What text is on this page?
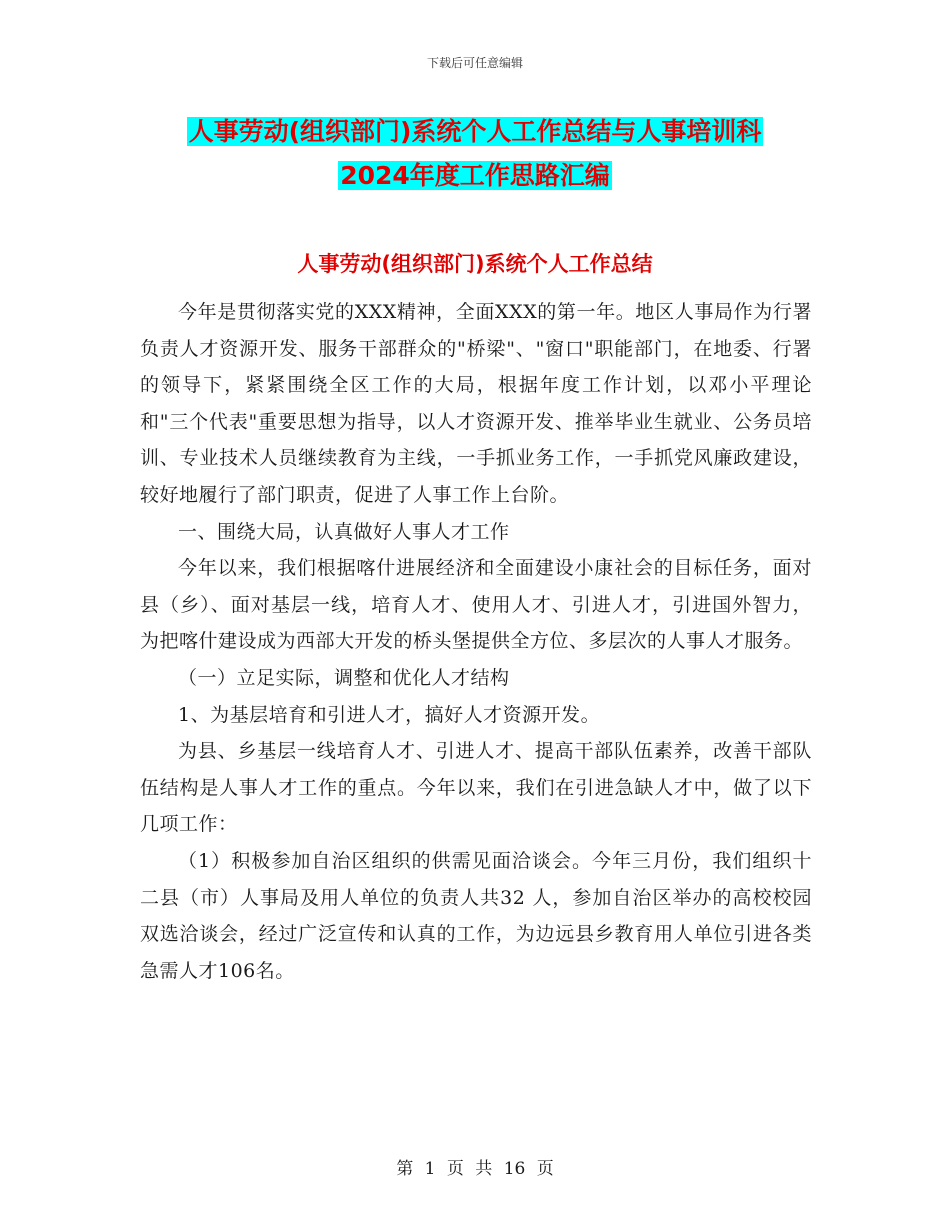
下载后可任意编辑
人事劳动(组织部门)系统个人工作总结与人事培训科
2024年度工作思路汇编
人事劳动(组织部门)系统个人工作总结

今年是贯彻落实党的XXX精神，全面XXX的第一年。地区人事局作为行署负责人才资源开发、服务干部群众的"桥梁"、"窗口"职能部门，在地委、行署的领导下，紧紧围绕全区工作的大局，根据年度工作计划，以邓小平理论和"三个代表"重要思想为指导，以人才资源开发、推举毕业生就业、公务员培训、专业技术人员继续教育为主线，一手抓业务工作，一手抓党风廉政建设，较好地履行了部门职责，促进了人事工作上台阶。

一、围绕大局，认真做好人事人才工作

今年以来，我们根据喀什进展经济和全面建设小康社会的目标任务，面对县（乡）、面对基层一线，培育人才、使用人才、引进人才，引进国外智力，为把喀什建设成为西部大开发的桥头堡提供全方位、多层次的人事人才服务。

（一）立足实际，调整和优化人才结构

1、为基层培育和引进人才，搞好人才资源开发。

为县、乡基层一线培育人才、引进人才、提高干部队伍素养，改善干部队伍结构是人事人才工作的重点。今年以来，我们在引进急缺人才中，做了以下几项工作：

（1）积极参加自治区组织的供需见面洽谈会。今年三月份，我们组织十二县（市）人事局及用人单位的负责人共32 人，参加自治区举办的高校校园双选洽谈会，经过广泛宣传和认真的工作，为边远县乡教育用人单位引进各类急需人才106名。

第 1 页 共 16 页
